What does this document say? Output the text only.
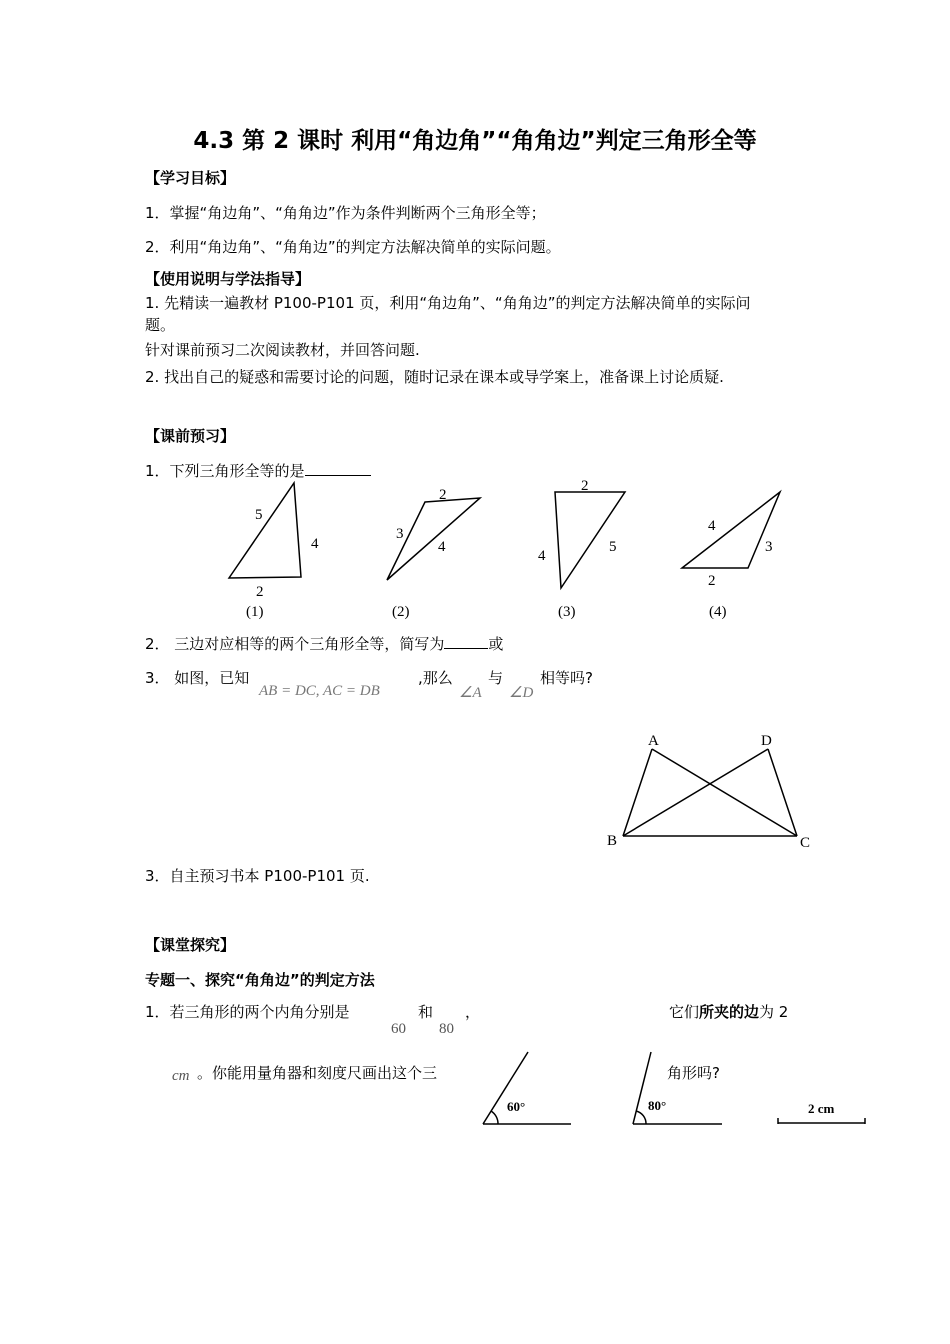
4.3 第 2 课时 利用“角边角”“角角边”判定三角形全等
【学习目标】
1．掌握“角边角”、“角角边”作为条件判断两个三角形全等；
2．利用“角边角”、“角角边”的判定方法解决简单的实际问题。
【使用说明与学法指导】
1. 先精读一遍教材 P100-P101 页，利用“角边角”、“角角边”的判定方法解决简单的实际问
题。
针对课前预习二次阅读教材，并回答问题.
2. 找出自己的疑惑和需要讨论的问题，随时记录在课本或导学案上，准备课上讨论质疑.
【课前预习】
1．下列三角形全等的是
5
4
2
(1)
2
3
4
(2)
2
4
5
(3)
4
3
2
(4)
2． 三边对应相等的两个三角形全等，简写为	或
3． 如图，已知
AB = DC, AC = DB
,那么
∠A
与
∠D
相等吗?
A	D
B	C
3．自主预习书本 P100-P101 页.
【课堂探究】
专题一、探究“角角边”的判定方法
1．若三角形的两个内角分别是
60
和
80
，	它们所夹的边为 2
cm 。你能用量角器和刻度尺画出这个三	角形吗?
60°	80°	2 cm
